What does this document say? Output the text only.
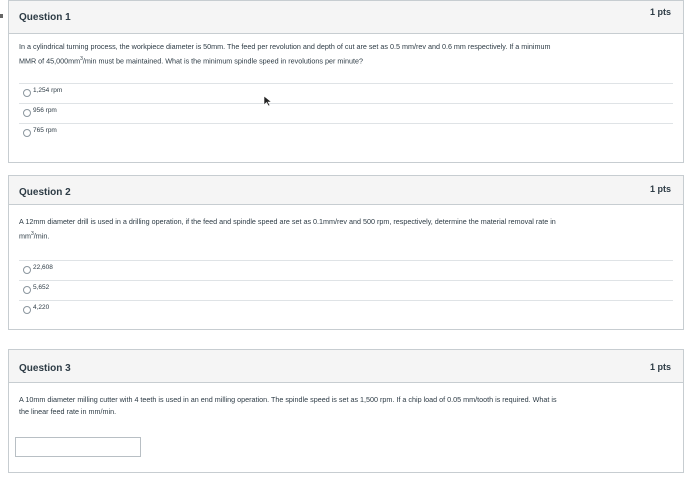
Question 1	1 pts
In a cylindrical turning process, the workpiece diameter is 50mm. The feed per revolution and depth of cut are set as 0.5 mm/rev and 0.6 mm respectively. If a minimum
MMR of $45,000mm^3/\min$ must be maintained. What is the minimum spindle speed in revolutions per minute?
1,254 rpm
956 rpm
765 rpm
Question 2	1 pts
A 12mm diameter drill is used in a drilling operation, if the feed and spindle speed are set as 0.1mm/rev and 500 rpm, respectively, determine the material removal rate in
$mm^3/\min$.
22,608
5,652
4,220
Question 3	1 pts
A 10mm diameter milling cutter with 4 teeth is used in an end milling operation. The spindle speed is set as 1,500 rpm. If a chip load of 0.05 mm/tooth is required. What is
the linear feed rate in mm/min.
